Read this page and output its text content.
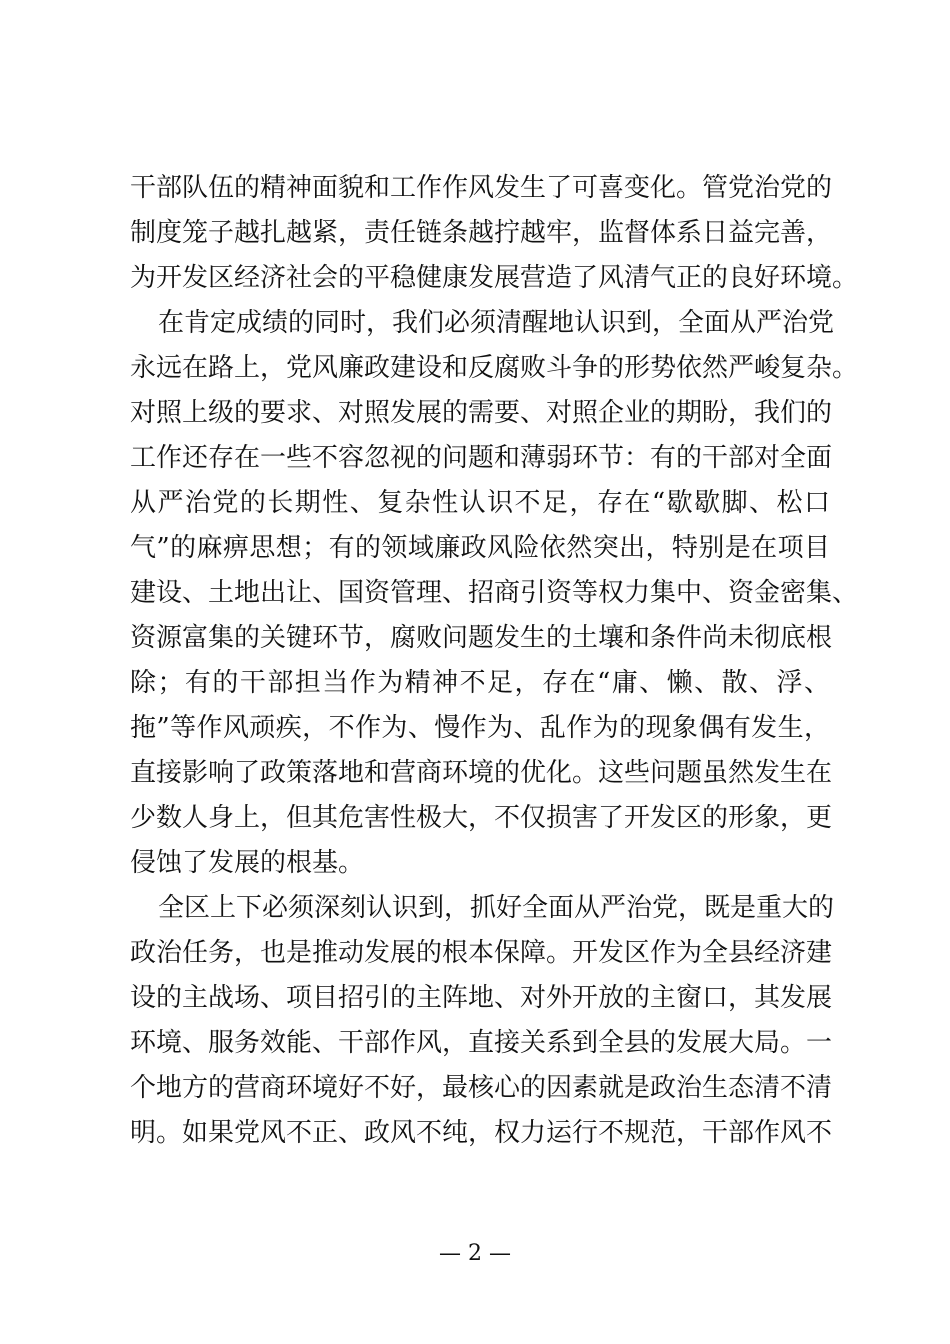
干部队伍的精神面貌和工作作风发生了可喜变化。管党治党的
制度笼子越扎越紧，责任链条越拧越牢，监督体系日益完善，
为开发区经济社会的平稳健康发展营造了风清气正的良好环境。
在肯定成绩的同时，我们必须清醒地认识到，全面从严治党
永远在路上，党风廉政建设和反腐败斗争的形势依然严峻复杂。
对照上级的要求、对照发展的需要、对照企业的期盼，我们的
工作还存在一些不容忽视的问题和薄弱环节：有的干部对全面
从严治党的长期性、复杂性认识不足，存在“歇歇脚、松口
气”的麻痹思想；有的领域廉政风险依然突出，特别是在项目
建设、土地出让、国资管理、招商引资等权力集中、资金密集、
资源富集的关键环节，腐败问题发生的土壤和条件尚未彻底根
除；有的干部担当作为精神不足，存在“庸、懒、散、浮、
拖”等作风顽疾，不作为、慢作为、乱作为的现象偶有发生，
直接影响了政策落地和营商环境的优化。这些问题虽然发生在
少数人身上，但其危害性极大，不仅损害了开发区的形象，更
侵蚀了发展的根基。
全区上下必须深刻认识到，抓好全面从严治党，既是重大的
政治任务，也是推动发展的根本保障。开发区作为全县经济建
设的主战场、项目招引的主阵地、对外开放的主窗口，其发展
环境、服务效能、干部作风，直接关系到全县的发展大局。一
个地方的营商环境好不好，最核心的因素就是政治生态清不清
明。如果党风不正、政风不纯，权力运行不规范，干部作风不
— 2 —
